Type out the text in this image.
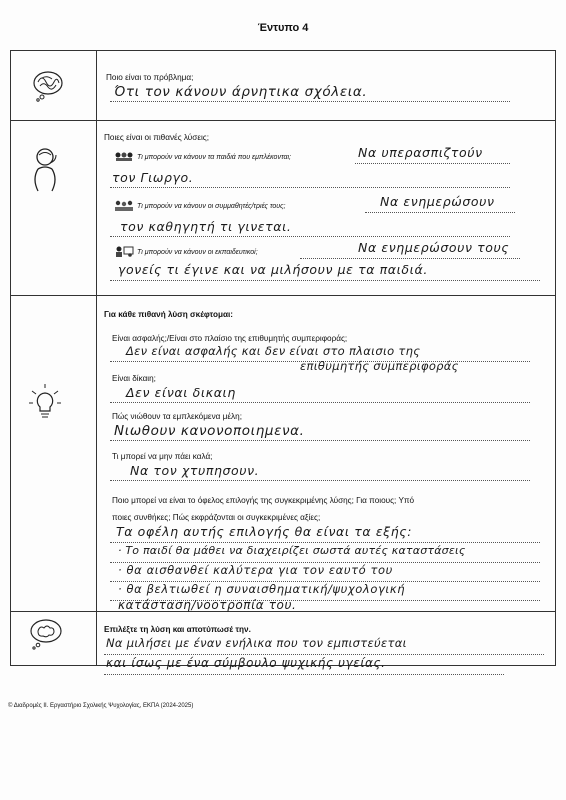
Έντυπο 4
Ποιο είναι το πρόβλημα;
Ότι τον κάνουν άρνητικα σχόλεια.
Ποιες είναι οι πιθανές λύσεις;
Τι μπορούν να κάνουν τα παιδιά που εμπλέκονται;	Να υπερασπιζτούν
τον Γιωργο.
Τι μπορούν να κάνουν οι συμμαθητές/τριές τους;	Να ενημερώσουν
τον καθηγητή τι γινεται.
Τι μπορούν να κάνουν οι εκπαιδευτικοί;	Να ενημερώσουν τους
γονείς τι έγινε και να μιλήσουν με τα παιδιά.
Για κάθε πιθανή λύση σκέφτομαι:
Είναι ασφαλής;/Είναι στο πλαίσιο της επιθυμητής συμπεριφοράς;
Δεν είναι ασφαλής και δεν είναι στο πλαισιο της
επιθυμητής συμπεριφοράς
Είναι δίκαιη;
Δεν είναι δικαιη
Πώς νιώθουν τα εμπλεκόμενα μέλη;
Νιωθουν κανονοποιημενα.
Τι μπορεί να μην πάει καλά;
Να τον χτυπησουν.
Ποιο μπορεί να είναι το όφελος επιλογής της συγκεκριμένης λύσης; Για ποιους; Υπό
ποιες συνθήκες; Πώς εκφράζονται οι συγκεκριμένες αξίες;
Τα οφέλη αυτής επιλογής θα είναι τα εξής:
· Το παιδί θα μάθει να διαχειρίζει σωστά αυτές καταστάσεις
· θα αισθανθεί καλύτερα για τον εαυτό του
· θα βελτιωθεί η συναισθηματική/ψυχολογική
κατάσταση/νοοτροπία του.
Επιλέξτε τη λύση και αποτύπωσέ την.
Να μιλήσει με έναν ενήλικα που τον εμπιστεύεται
και ίσως με ένα σύμβουλο ψυχικής υγείας.
© Διαδρομές ΙΙ. Εργαστήριο Σχολικής Ψυχολογίας, ΕΚΠΑ (2024-2025)
